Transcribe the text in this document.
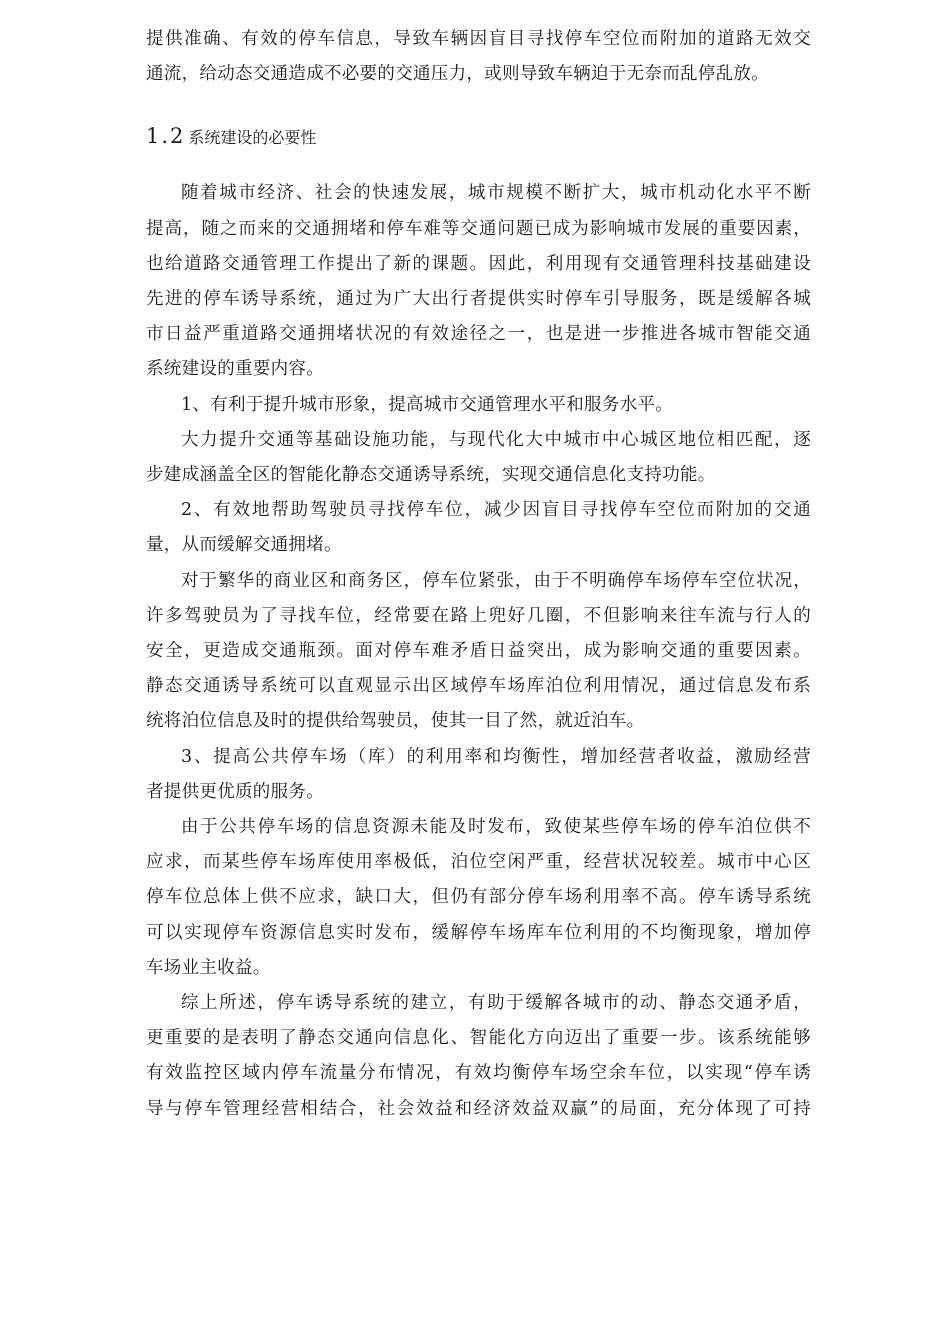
提供准确、有效的停车信息，导致车辆因盲目寻找停车空位而附加的道路无效交
通流，给动态交通造成不必要的交通压力，或则导致车辆迫于无奈而乱停乱放。
1.2 系统建设的必要性
随着城市经济、社会的快速发展，城市规模不断扩大，城市机动化水平不断
提高，随之而来的交通拥堵和停车难等交通问题已成为影响城市发展的重要因素，
也给道路交通管理工作提出了新的课题。因此，利用现有交通管理科技基础建设
先进的停车诱导系统，通过为广大出行者提供实时停车引导服务，既是缓解各城
市日益严重道路交通拥堵状况的有效途径之一，也是进一步推进各城市智能交通
系统建设的重要内容。
1、有利于提升城市形象，提高城市交通管理水平和服务水平。
大力提升交通等基础设施功能，与现代化大中城市中心城区地位相匹配，逐
步建成涵盖全区的智能化静态交通诱导系统，实现交通信息化支持功能。
2、有效地帮助驾驶员寻找停车位，减少因盲目寻找停车空位而附加的交通
量，从而缓解交通拥堵。
对于繁华的商业区和商务区，停车位紧张，由于不明确停车场停车空位状况，
许多驾驶员为了寻找车位，经常要在路上兜好几圈，不但影响来往车流与行人的
安全，更造成交通瓶颈。面对停车难矛盾日益突出，成为影响交通的重要因素。
静态交通诱导系统可以直观显示出区域停车场库泊位利用情况，通过信息发布系
统将泊位信息及时的提供给驾驶员，使其一目了然，就近泊车。
3、提高公共停车场（库）的利用率和均衡性，增加经营者收益，激励经营
者提供更优质的服务。
由于公共停车场的信息资源未能及时发布，致使某些停车场的停车泊位供不
应求，而某些停车场库使用率极低，泊位空闲严重，经营状况较差。城市中心区
停车位总体上供不应求，缺口大，但仍有部分停车场利用率不高。停车诱导系统
可以实现停车资源信息实时发布，缓解停车场库车位利用的不均衡现象，增加停
车场业主收益。
综上所述，停车诱导系统的建立，有助于缓解各城市的动、静态交通矛盾，
更重要的是表明了静态交通向信息化、智能化方向迈出了重要一步。该系统能够
有效监控区域内停车流量分布情况，有效均衡停车场空余车位，以实现“停车诱
导与停车管理经营相结合，社会效益和经济效益双赢”的局面，充分体现了可持
